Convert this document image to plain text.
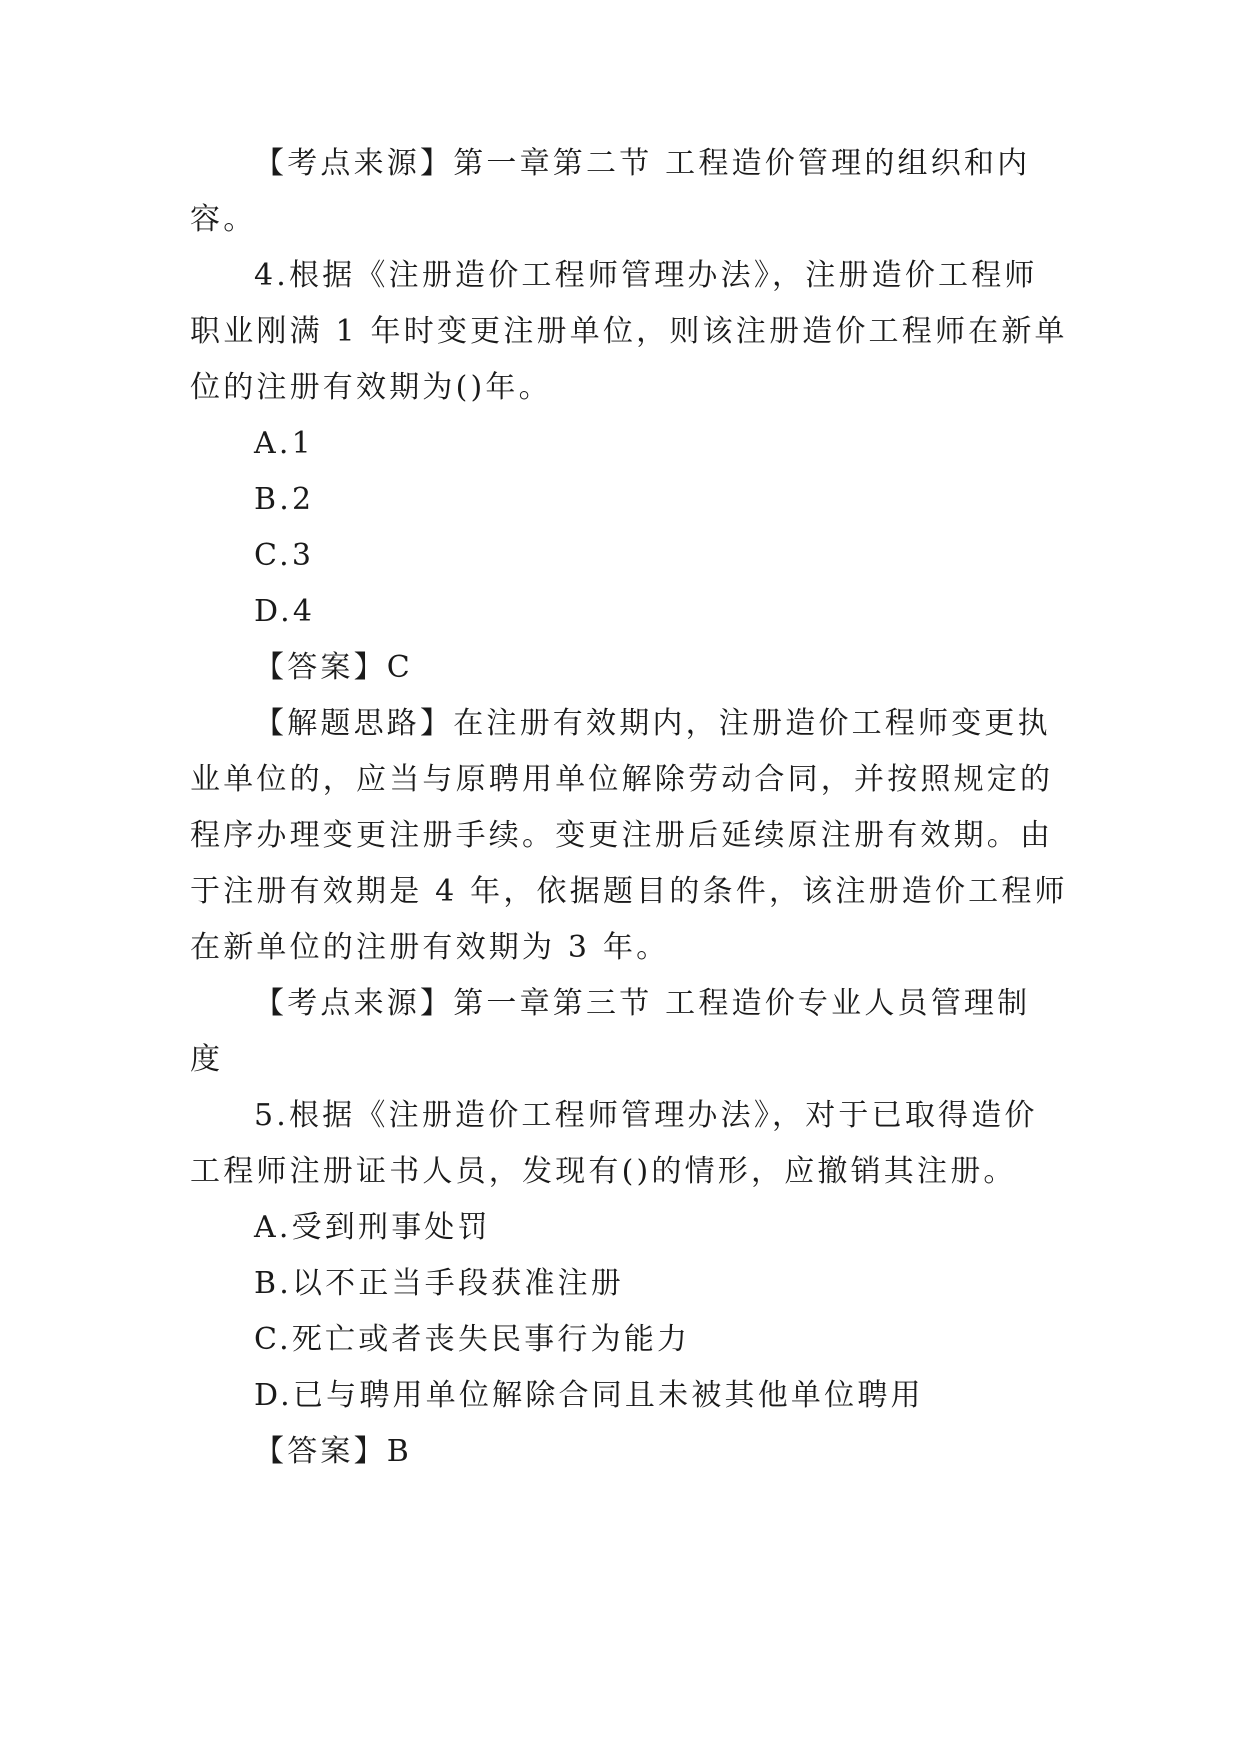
【考点来源】第一章第二节 工程造价管理的组织和内
容。
4.根据《注册造价工程师管理办法》，注册造价工程师
职业刚满 1 年时变更注册单位，则该注册造价工程师在新单
位的注册有效期为()年。
A.1
B.2
C.3
D.4
【答案】C
【解题思路】在注册有效期内，注册造价工程师变更执
业单位的，应当与原聘用单位解除劳动合同，并按照规定的
程序办理变更注册手续。变更注册后延续原注册有效期。由
于注册有效期是 4 年，依据题目的条件，该注册造价工程师
在新单位的注册有效期为 3 年。
【考点来源】第一章第三节 工程造价专业人员管理制
度
5.根据《注册造价工程师管理办法》，对于已取得造价
工程师注册证书人员，发现有()的情形，应撤销其注册。
A.受到刑事处罚
B.以不正当手段获准注册
C.死亡或者丧失民事行为能力
D.已与聘用单位解除合同且未被其他单位聘用
【答案】B
